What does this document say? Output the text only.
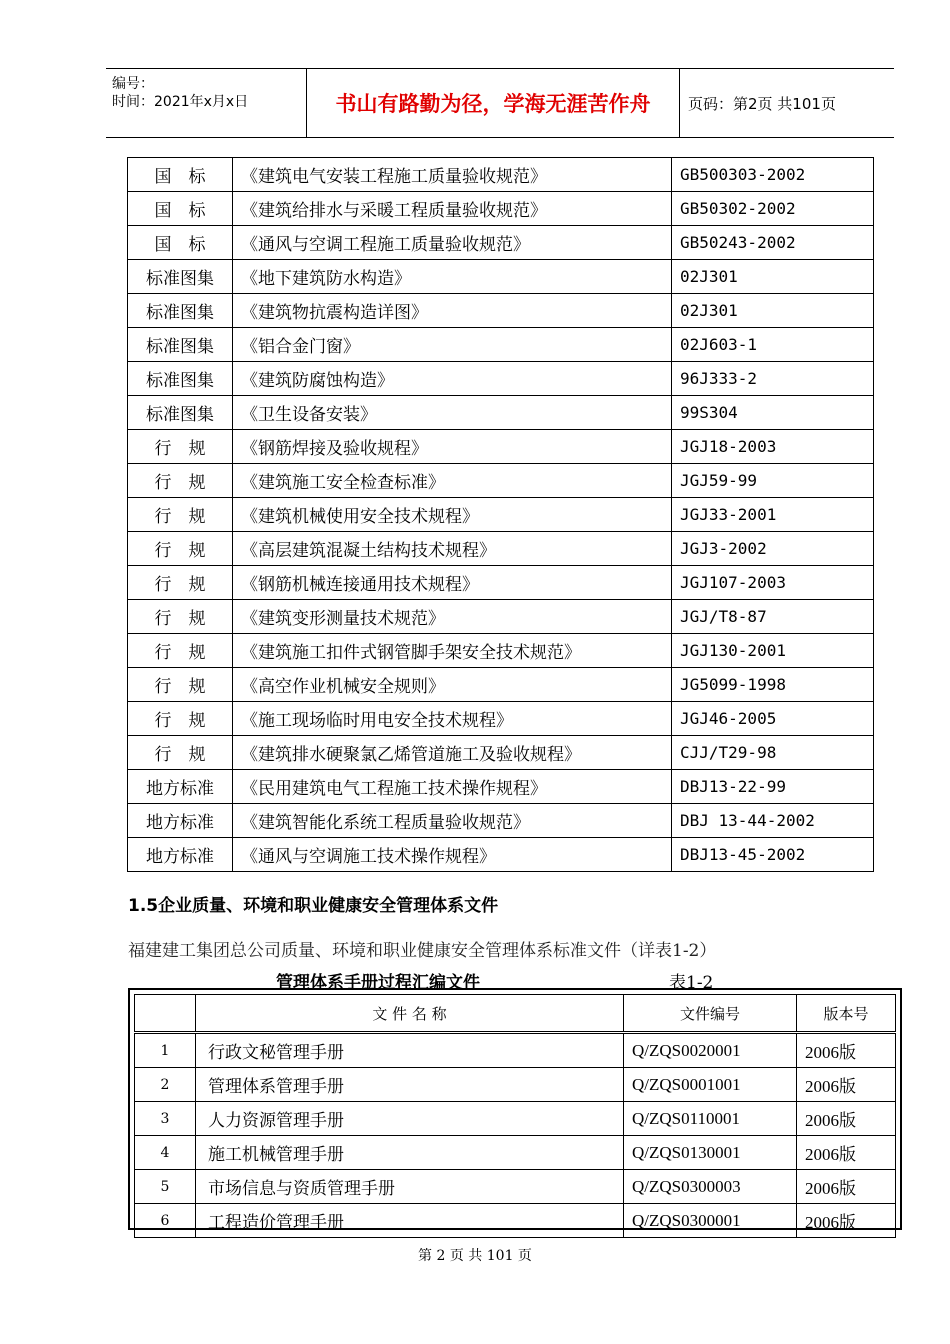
编号：
时间：2021年x月x日	书山有路勤为径，学海无涯苦作舟	页码：第2页 共101页
国　标	《建筑电气安装工程施工质量验收规范》	GB500303-2002
国　标	《建筑给排水与采暖工程质量验收规范》	GB50302-2002
国　标	《通风与空调工程施工质量验收规范》	GB50243-2002
标准图集	《地下建筑防水构造》	02J301
标准图集	《建筑物抗震构造详图》	02J301
标准图集	《铝合金门窗》	02J603-1
标准图集	《建筑防腐蚀构造》	96J333-2
标准图集	《卫生设备安装》	99S304
行　规	《钢筋焊接及验收规程》	JGJ18-2003
行　规	《建筑施工安全检查标准》	JGJ59-99
行　规	《建筑机械使用安全技术规程》	JGJ33-2001
行　规	《高层建筑混凝土结构技术规程》	JGJ3-2002
行　规	《钢筋机械连接通用技术规程》	JGJ107-2003
行　规	《建筑变形测量技术规范》	JGJ/T8-87
行　规	《建筑施工扣件式钢管脚手架安全技术规范》	JGJ130-2001
行　规	《高空作业机械安全规则》	JG5099-1998
行　规	《施工现场临时用电安全技术规程》	JGJ46-2005
行　规	《建筑排水硬聚氯乙烯管道施工及验收规程》	CJJ/T29-98
地方标准	《民用建筑电气工程施工技术操作规程》	DBJ13-22-99
地方标准	《建筑智能化系统工程质量验收规范》	DBJ 13-44-2002
地方标准	《通风与空调施工技术操作规程》	DBJ13-45-2002
1.5企业质量、环境和职业健康安全管理体系文件
福建建工集团总公司质量、环境和职业健康安全管理体系标准文件（详表1-2）
管理体系手册过程汇编文件	表1-2
	文 件 名 称	文件编号	版本号
1	行政文秘管理手册	Q/ZQS0020001	2006版
2	管理体系管理手册	Q/ZQS0001001	2006版
3	人力资源管理手册	Q/ZQS0110001	2006版
4	施工机械管理手册	Q/ZQS0130001	2006版
5	市场信息与资质管理手册	Q/ZQS0300003	2006版
6	工程造价管理手册	Q/ZQS0300001	2006版
第 2 页 共 101 页
